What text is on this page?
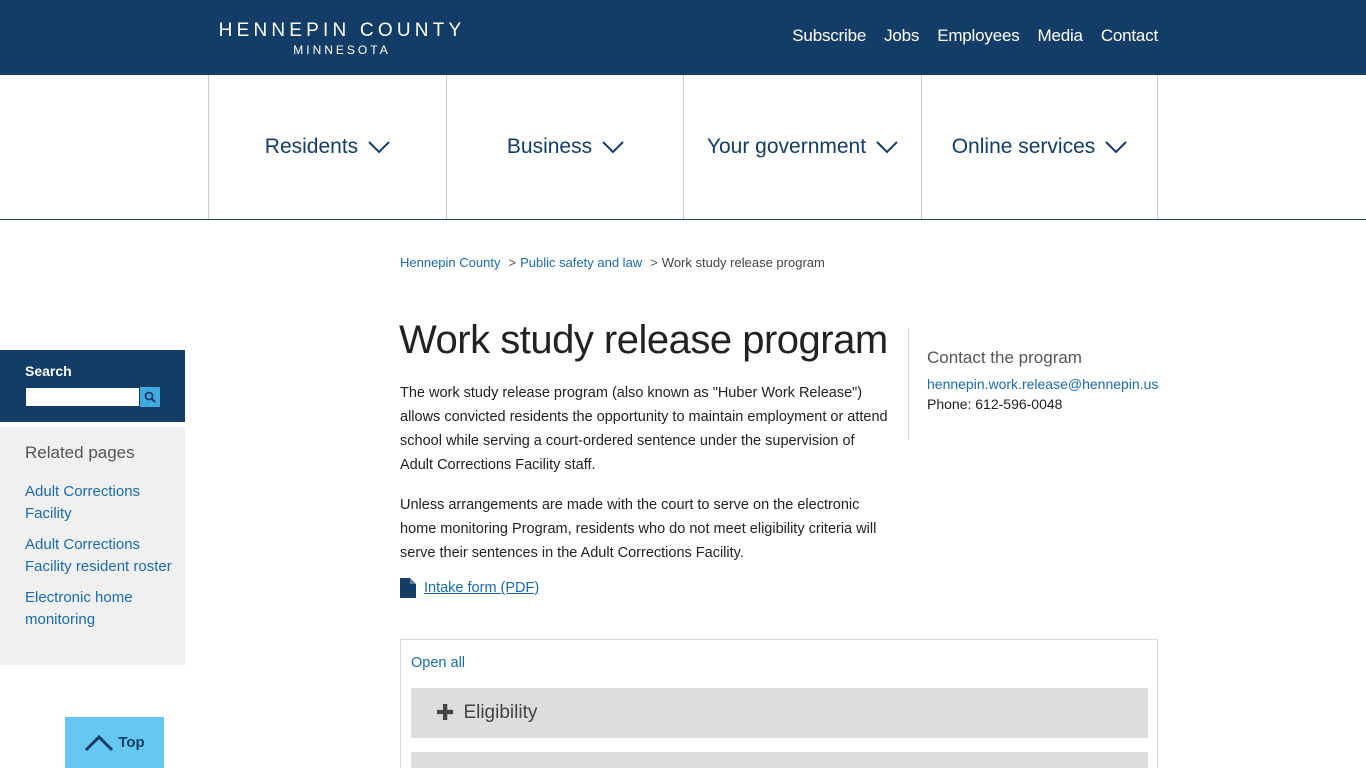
HENNEPIN COUNTY
MINNESOTA
Subscribe Jobs Employees Media Contact
Residents	Business	Your government	Online services
Hennepin County > Public safety and law > Work study release program
Search
Related pages
Adult Corrections Facility
Adult Corrections Facility resident roster
Electronic home monitoring
Top
Work study release program

The work study release program (also known as "Huber Work Release") allows convicted residents the opportunity to maintain employment or attend school while serving a court-ordered sentence under the supervision of Adult Corrections Facility staff.

Unless arrangements are made with the court to serve on the electronic home monitoring Program, residents who do not meet eligibility criteria will serve their sentences in the Adult Corrections Facility.

Intake form (PDF)
Contact the program
hennepin.work.release@hennepin.us
Phone: 612-596-0048
Open all
✚ Eligibility
